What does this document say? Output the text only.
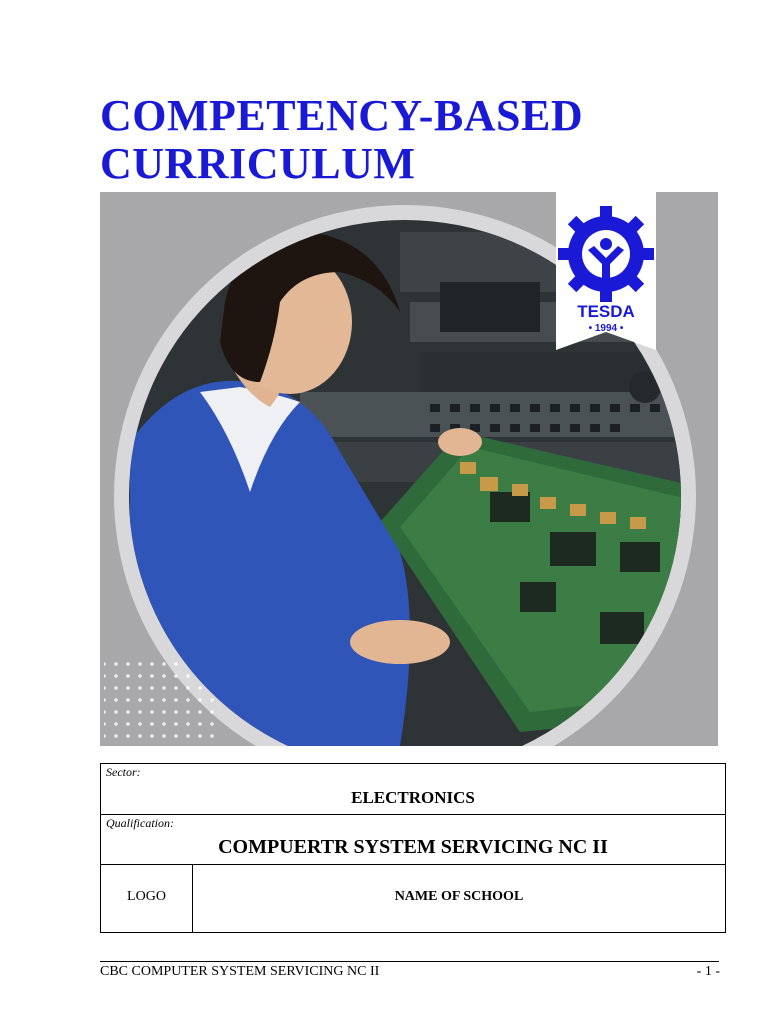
COMPETENCY-BASED
CURRICULUM
TESDA
• 1994 •
Sector:
ELECTRONICS
Qualification:
COMPUERTR SYSTEM SERVICING NC II
LOGO	NAME OF SCHOOL
CBC COMPUTER SYSTEM SERVICING NC II	- 1 -
